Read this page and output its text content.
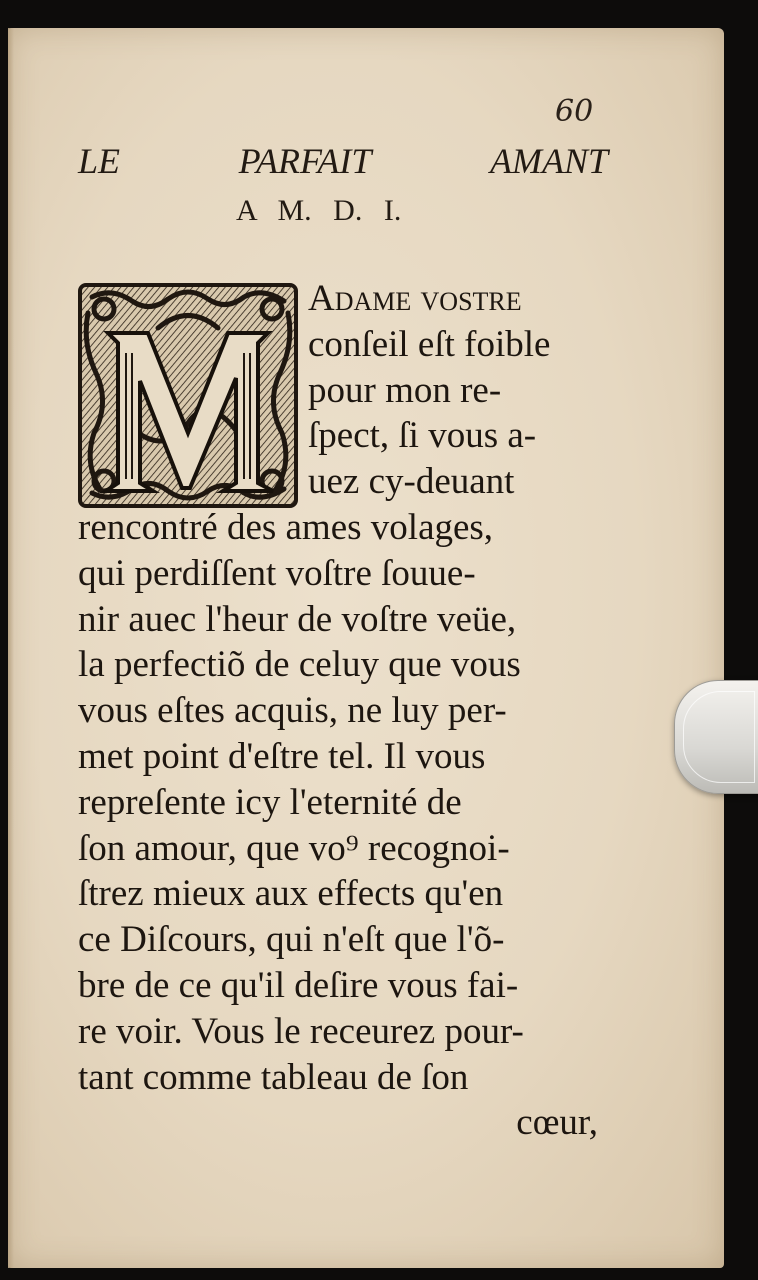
60

LE	PARFAIT	AMANT
A M. D. I.
Adame voſtre
conſeil eſt foible
pour mon re-
ſpect, ſi vous a-
uez cy-deuant
rencontré des ames volages,
qui perdiſſent voſtre ſouue-
nir auec l'heur de voſtre veüe,
la perfectiõ de celuy que vous
vous eſtes acquis, ne luy per-
met point d'eſtre tel. Il vous
repreſente icy l'eternité de
ſon amour, que vo⁹ recognoi-
ſtrez mieux aux effects qu'en
ce Diſcours, qui n'eſt que l'õ-
bre de ce qu'il deſire vous fai-
re voir. Vous le receurez pour-
tant comme tableau de ſon
cœur,
